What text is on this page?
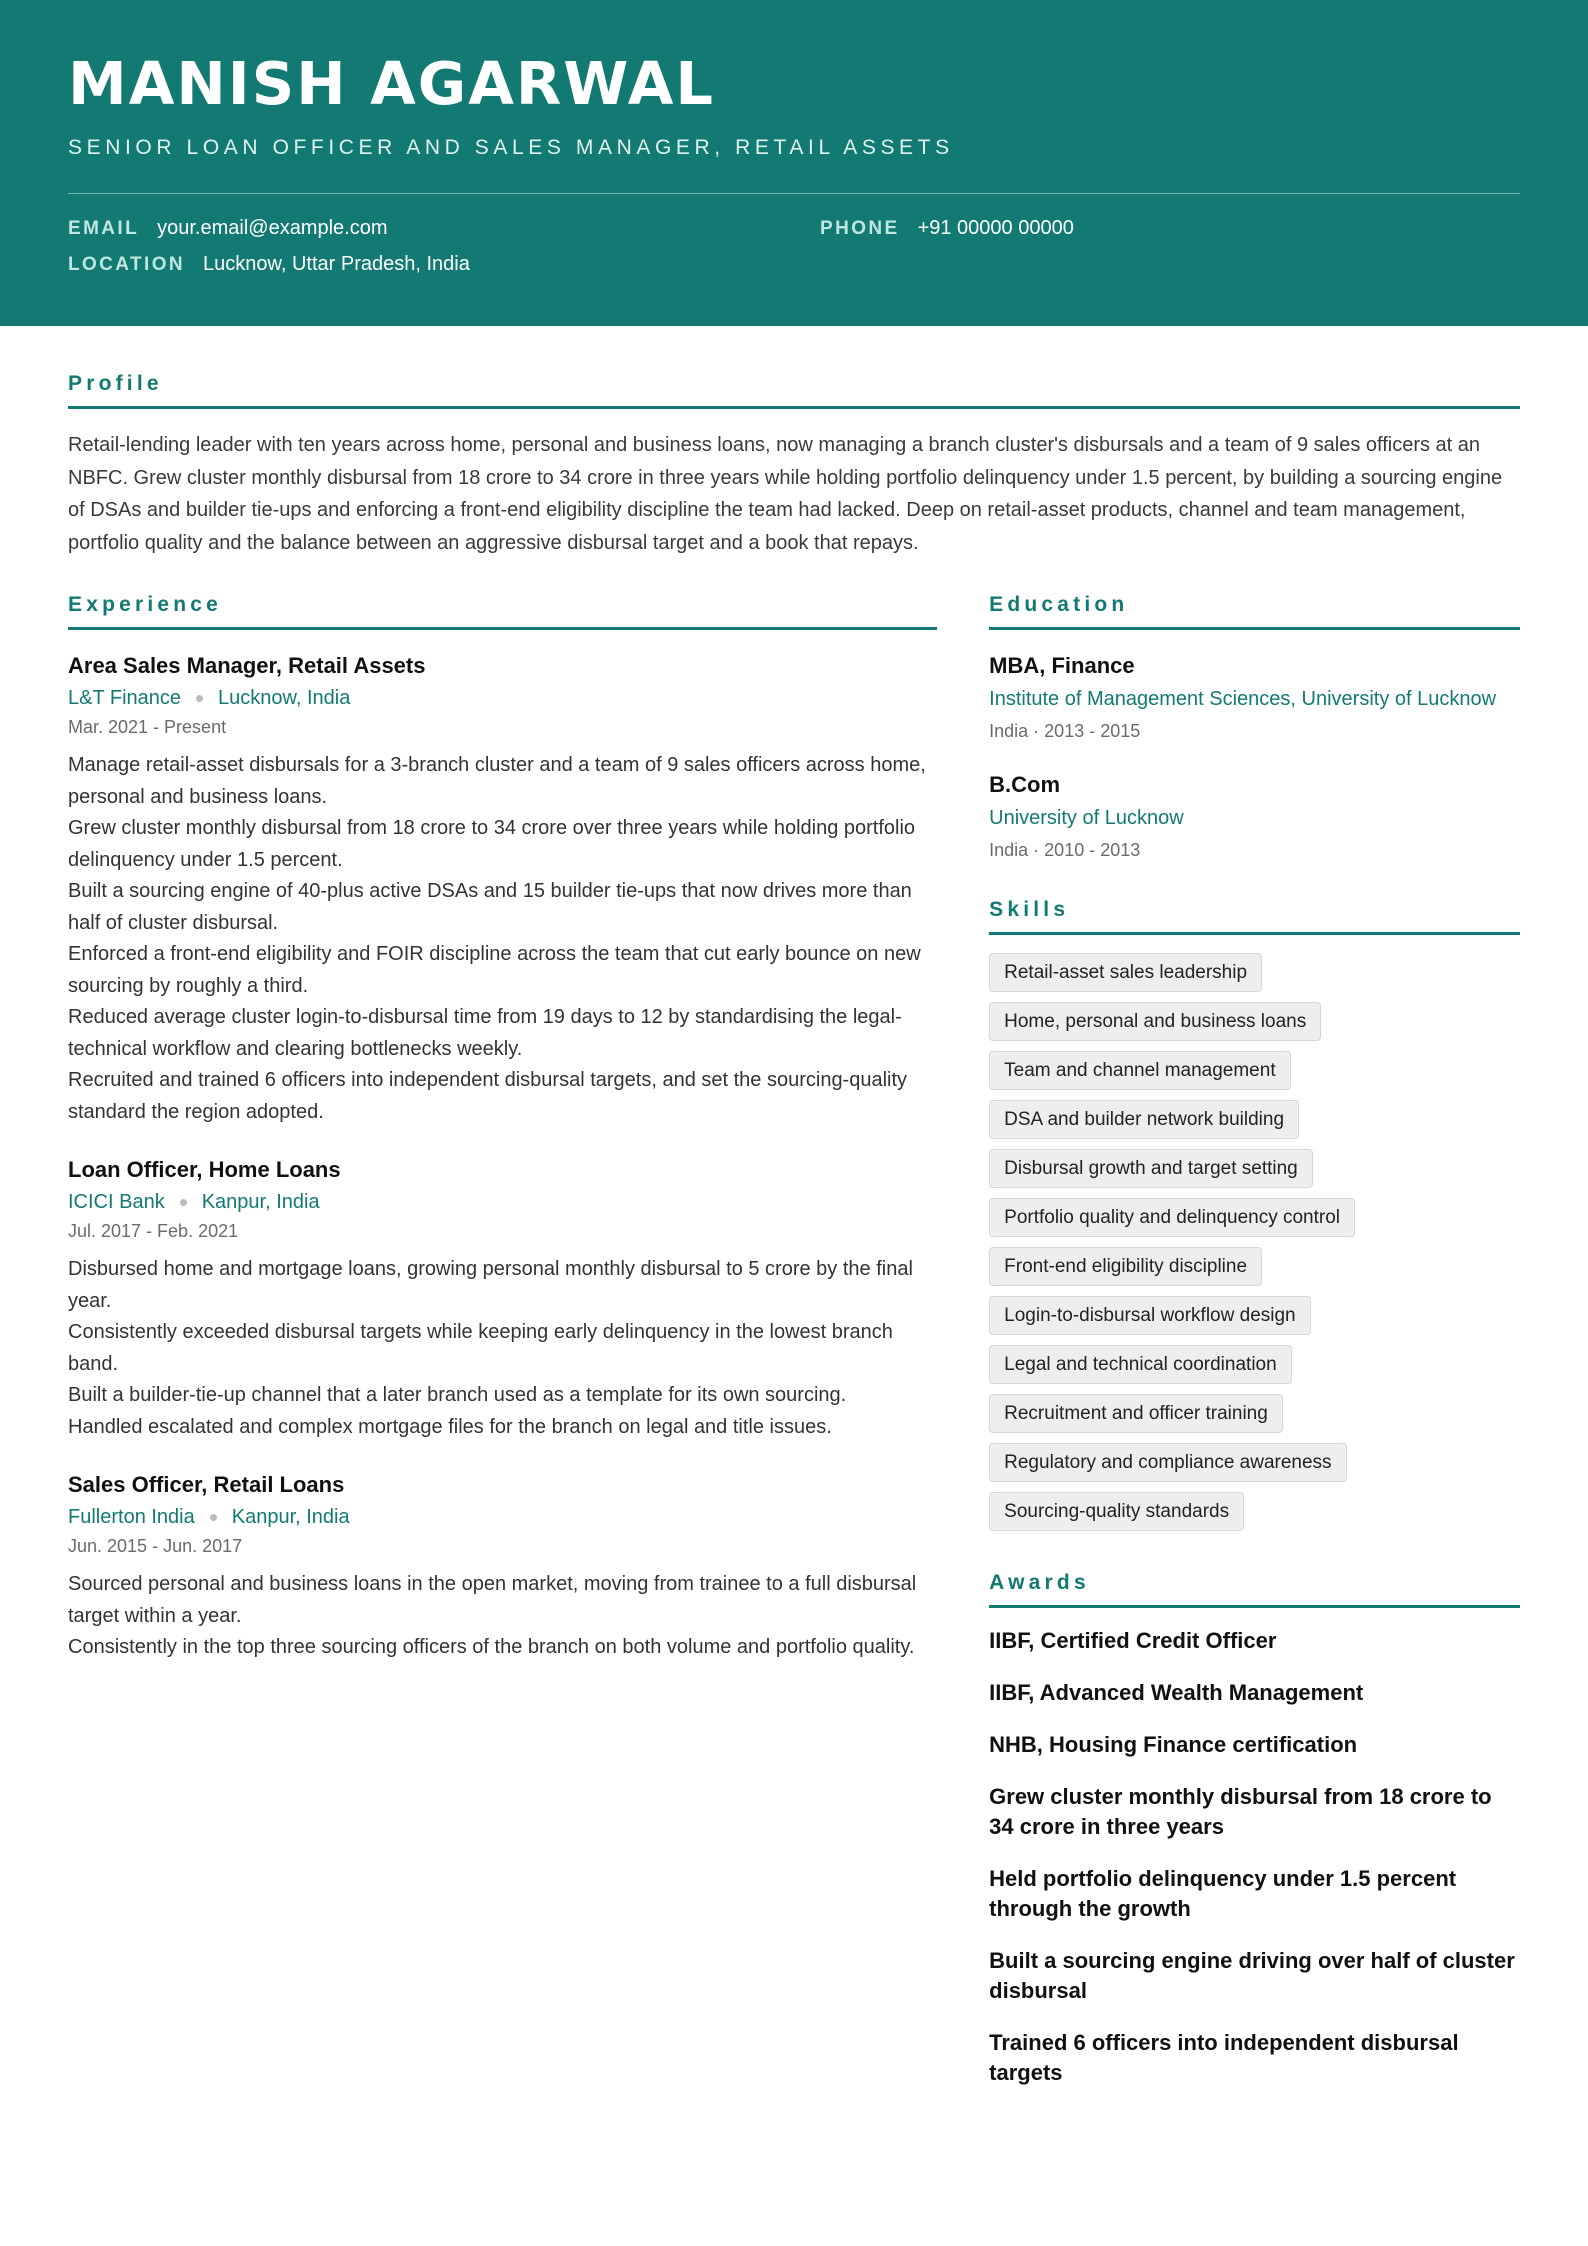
MANISH AGARWAL
SENIOR LOAN OFFICER AND SALES MANAGER, RETAIL ASSETS
EMAIL your.email@example.com	PHONE +91 00000 00000
LOCATION Lucknow, Uttar Pradesh, India
Profile

Retail-lending leader with ten years across home, personal and business loans, now managing a branch cluster's disbursals and a team of 9 sales officers at an NBFC. Grew cluster monthly disbursal from 18 crore to 34 crore in three years while holding portfolio delinquency under 1.5 percent, by building a sourcing engine of DSAs and builder tie-ups and enforcing a front-end eligibility discipline the team had lacked. Deep on retail-asset products, channel and team management, portfolio quality and the balance between an aggressive disbursal target and a book that repays.

Experience
Area Sales Manager, Retail Assets
L&T Finance Lucknow, India
Mar. 2021 - Present
Manage retail-asset disbursals for a 3-branch cluster and a team of 9 sales officers across home, personal and business loans.
Grew cluster monthly disbursal from 18 crore to 34 crore over three years while holding portfolio delinquency under 1.5 percent.
Built a sourcing engine of 40-plus active DSAs and 15 builder tie-ups that now drives more than half of cluster disbursal.
Enforced a front-end eligibility and FOIR discipline across the team that cut early bounce on new sourcing by roughly a third.
Reduced average cluster login-to-disbursal time from 19 days to 12 by standardising the legal-technical workflow and clearing bottlenecks weekly.
Recruited and trained 6 officers into independent disbursal targets, and set the sourcing-quality standard the region adopted.
Loan Officer, Home Loans
ICICI Bank Kanpur, India
Jul. 2017 - Feb. 2021
Disbursed home and mortgage loans, growing personal monthly disbursal to 5 crore by the final year.
Consistently exceeded disbursal targets while keeping early delinquency in the lowest branch band.
Built a builder-tie-up channel that a later branch used as a template for its own sourcing.
Handled escalated and complex mortgage files for the branch on legal and title issues.
Sales Officer, Retail Loans
Fullerton India Kanpur, India
Jun. 2015 - Jun. 2017
Sourced personal and business loans in the open market, moving from trainee to a full disbursal target within a year.
Consistently in the top three sourcing officers of the branch on both volume and portfolio quality.
Education
MBA, Finance
Institute of Management Sciences, University of Lucknow
India · 2013 - 2015
B.Com
University of Lucknow
India · 2010 - 2013
Skills
Retail-asset sales leadership
Home, personal and business loans
Team and channel management
DSA and builder network building
Disbursal growth and target setting
Portfolio quality and delinquency control
Front-end eligibility discipline
Login-to-disbursal workflow design
Legal and technical coordination
Recruitment and officer training
Regulatory and compliance awareness
Sourcing-quality standards
Awards
IIBF, Certified Credit Officer
IIBF, Advanced Wealth Management
NHB, Housing Finance certification
Grew cluster monthly disbursal from 18 crore to 34 crore in three years
Held portfolio delinquency under 1.5 percent through the growth
Built a sourcing engine driving over half of cluster disbursal
Trained 6 officers into independent disbursal targets
